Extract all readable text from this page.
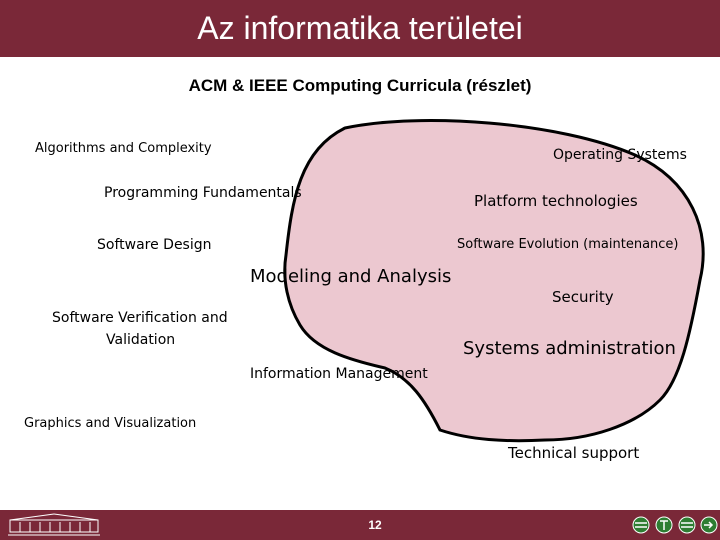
Az informatika területei
ACM & IEEE Computing Curricula (részlet)
Algorithms and Complexity	Operating Systems
Programming Fundamentals	Platform technologies
Software Design	Software Evolution (maintenance)
Modeling and Analysis
Security
Software Verification and
Validation	Systems administration
Information Management
Graphics and Visualization
Technical support
12
